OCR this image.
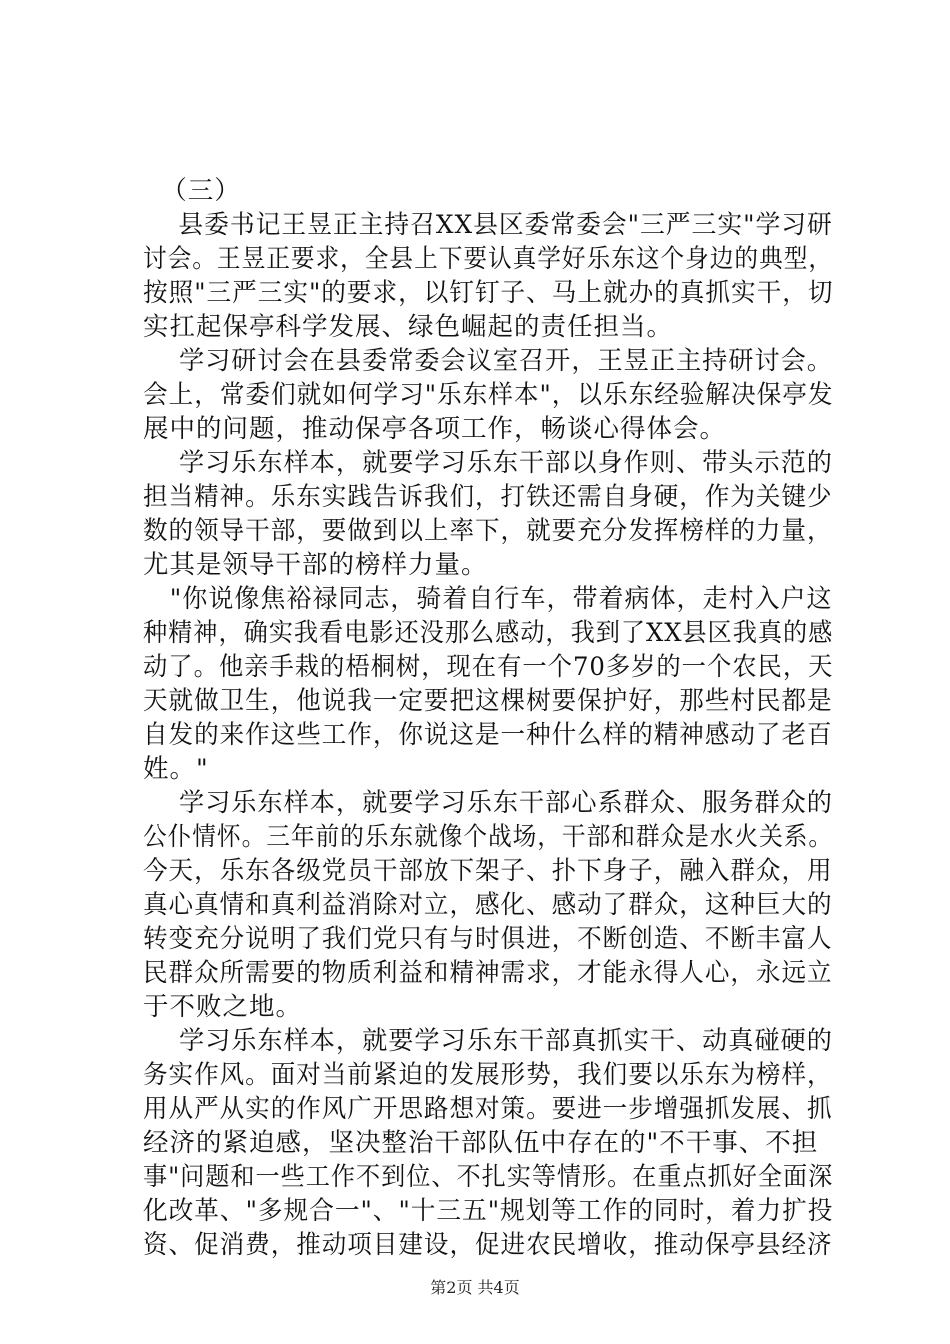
（三）
县委书记王昱正主持召XX县区委常委会"三严三实"学习研
讨会。王昱正要求，全县上下要认真学好乐东这个身边的典型，
按照"三严三实"的要求，以钉钉子、马上就办的真抓实干，切
实扛起保亭科学发展、绿色崛起的责任担当。
学习研讨会在县委常委会议室召开，王昱正主持研讨会。
会上，常委们就如何学习"乐东样本"，以乐东经验解决保亭发
展中的问题，推动保亭各项工作，畅谈心得体会。
学习乐东样本，就要学习乐东干部以身作则、带头示范的
担当精神。乐东实践告诉我们，打铁还需自身硬，作为关键少
数的领导干部，要做到以上率下，就要充分发挥榜样的力量，
尤其是领导干部的榜样力量。
"你说像焦裕禄同志，骑着自行车，带着病体，走村入户这
种精神，确实我看电影还没那么感动，我到了XX县区我真的感
动了。他亲手栽的梧桐树，现在有一个70多岁的一个农民，天
天就做卫生，他说我一定要把这棵树要保护好，那些村民都是
自发的来作这些工作，你说这是一种什么样的精神感动了老百
姓。"
学习乐东样本，就要学习乐东干部心系群众、服务群众的
公仆情怀。三年前的乐东就像个战场，干部和群众是水火关系。
今天，乐东各级党员干部放下架子、扑下身子，融入群众，用
真心真情和真利益消除对立，感化、感动了群众，这种巨大的
转变充分说明了我们党只有与时俱进，不断创造、不断丰富人
民群众所需要的物质利益和精神需求，才能永得人心，永远立
于不败之地。
学习乐东样本，就要学习乐东干部真抓实干、动真碰硬的
务实作风。面对当前紧迫的发展形势，我们要以乐东为榜样，
用从严从实的作风广开思路想对策。要进一步增强抓发展、抓
经济的紧迫感，坚决整治干部队伍中存在的"不干事、不担
事"问题和一些工作不到位、不扎实等情形。在重点抓好全面深
化改革、"多规合一"、"十三五"规划等工作的同时，着力扩投
资、促消费，推动项目建设，促进农民增收，推动保亭县经济
第2页 共4页
